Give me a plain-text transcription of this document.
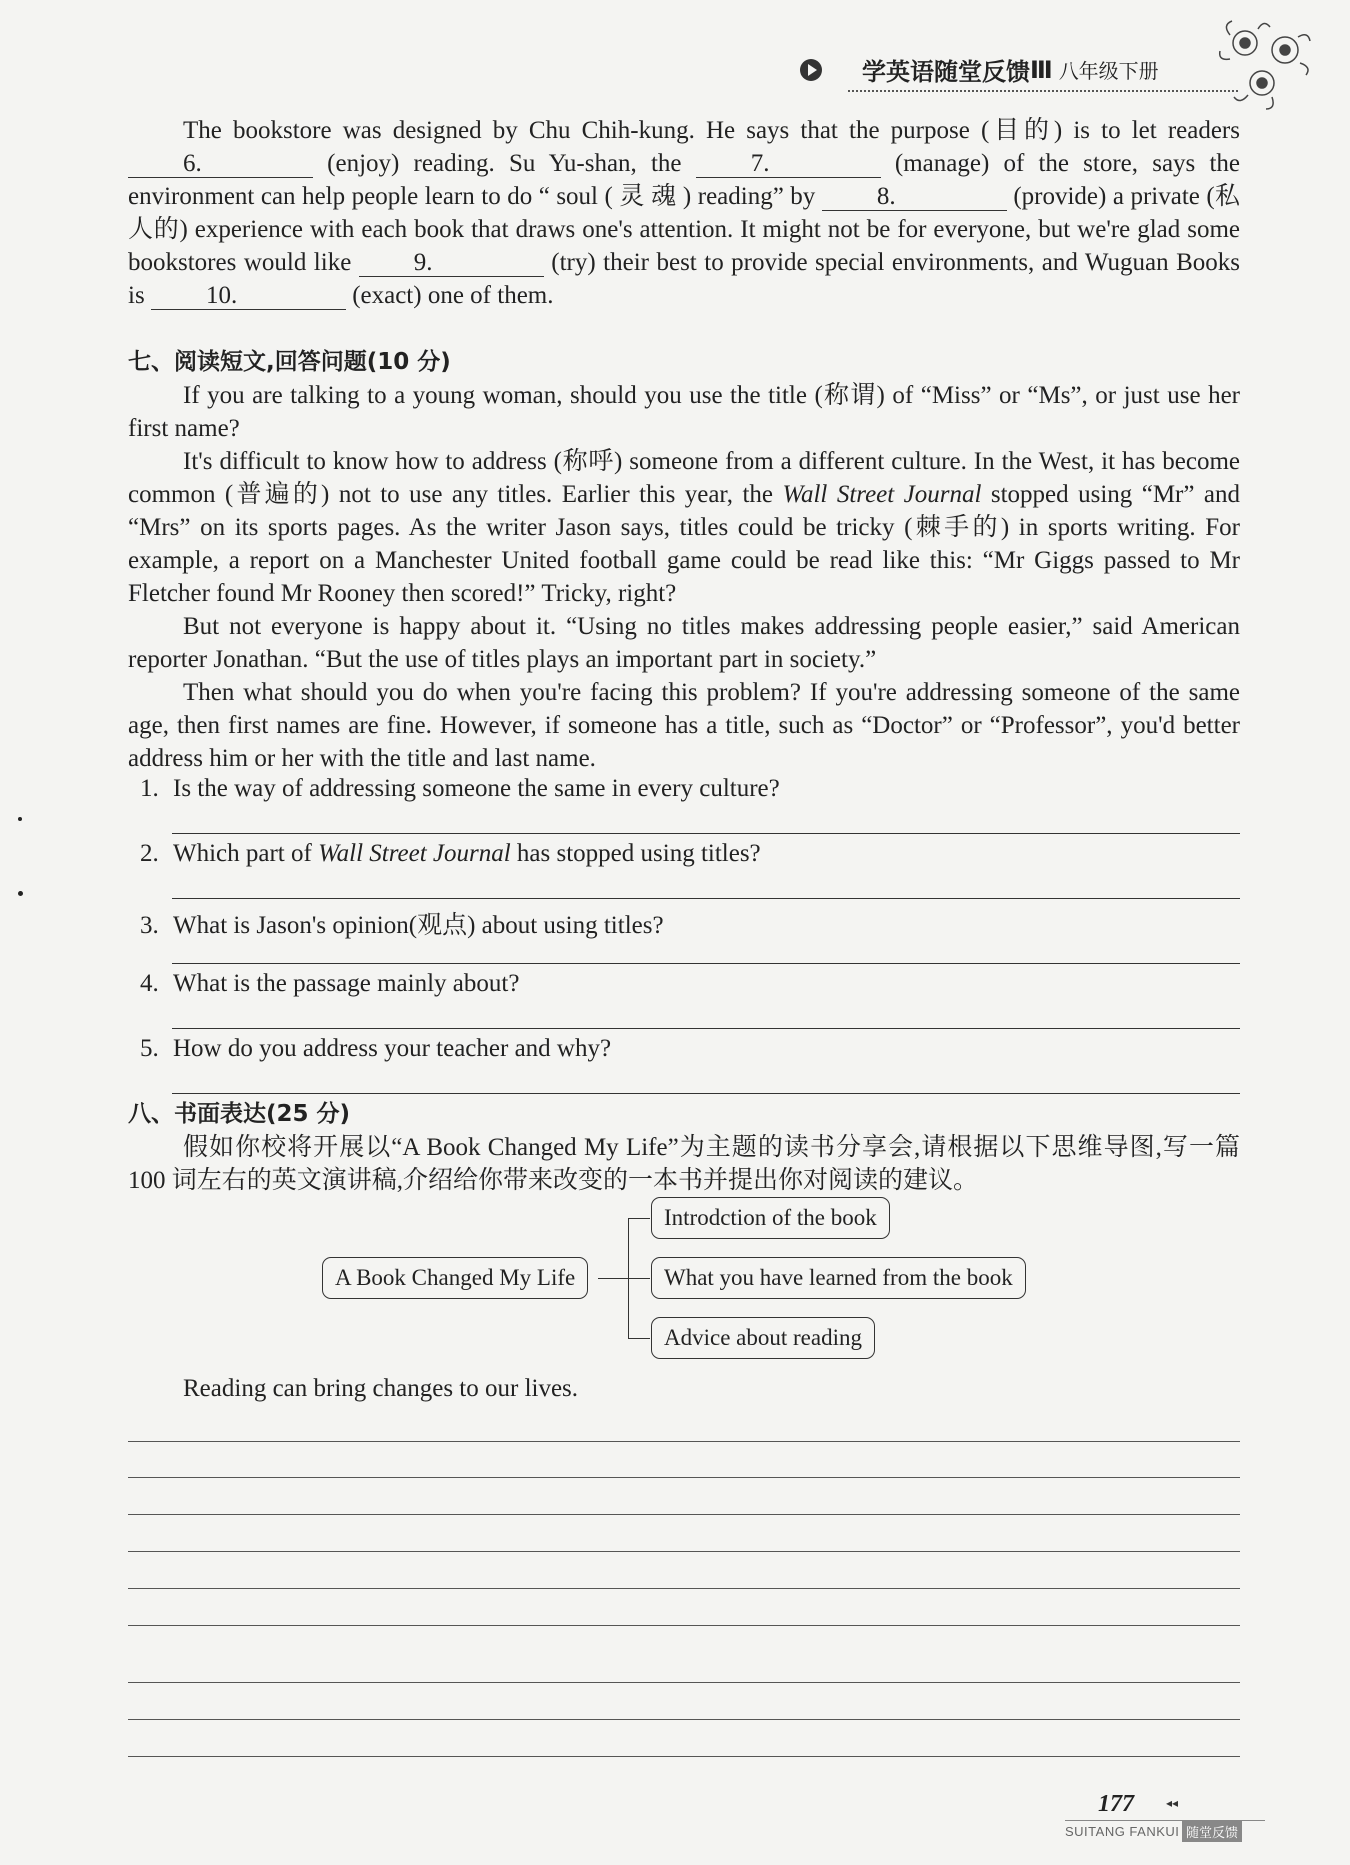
学英语随堂反馈 Ⅲ 八年级下册

The bookstore was designed by Chu Chih-kung. He says that the purpose (目的) is to let readers 6.	(enjoy) reading. Su Yu-shan, the 7.	(manage) of the store, says the environment can help people learn to do “ soul ( 灵 魂 ) reading” by 8.	(provide) a private (私人的) experience with each book that draws one's attention. It might not be for everyone, but we're glad some bookstores would like 9.	(try) their best to provide special environments, and Wuguan Books is 10.	(exact) one of them.

七、阅读短文,回答问题(10 分)

If you are talking to a young woman, should you use the title (称谓) of “Miss” or “Ms”, or just use her first name?

It's difficult to know how to address (称呼) someone from a different culture. In the West, it has become common (普遍的) not to use any titles. Earlier this year, the Wall Street Journal stopped using “Mr” and “Mrs” on its sports pages. As the writer Jason says, titles could be tricky (棘手的) in sports writing. For example, a report on a Manchester United football game could be read like this: “Mr Giggs passed to Mr Fletcher found Mr Rooney then scored!” Tricky, right?

But not everyone is happy about it. “Using no titles makes addressing people easier,” said American reporter Jonathan. “But the use of titles plays an important part in society.”

Then what should you do when you're facing this problem? If you're addressing someone of the same age, then first names are fine. However, if someone has a title, such as “Doctor” or “Professor”, you'd better address him or her with the title and last name.

1. Is the way of addressing someone the same in every culture?
2. Which part of Wall Street Journal has stopped using titles?
3. What is Jason's opinion(观点) about using titles?
4. What is the passage mainly about?
5. How do you address your teacher and why?

八、书面表达(25 分)

假如你校将开展以“A Book Changed My Life”为主题的读书分享会,请根据以下思维导图,写一篇 100 词左右的英文演讲稿,介绍给你带来改变的一本书并提出你对阅读的建议。

A Book Changed My Life
Introdction of the book
What you have learned from the book
Advice about reading

Reading can bring changes to our lives.

177	◂◂
SUITANG FANKUI 随堂反馈
